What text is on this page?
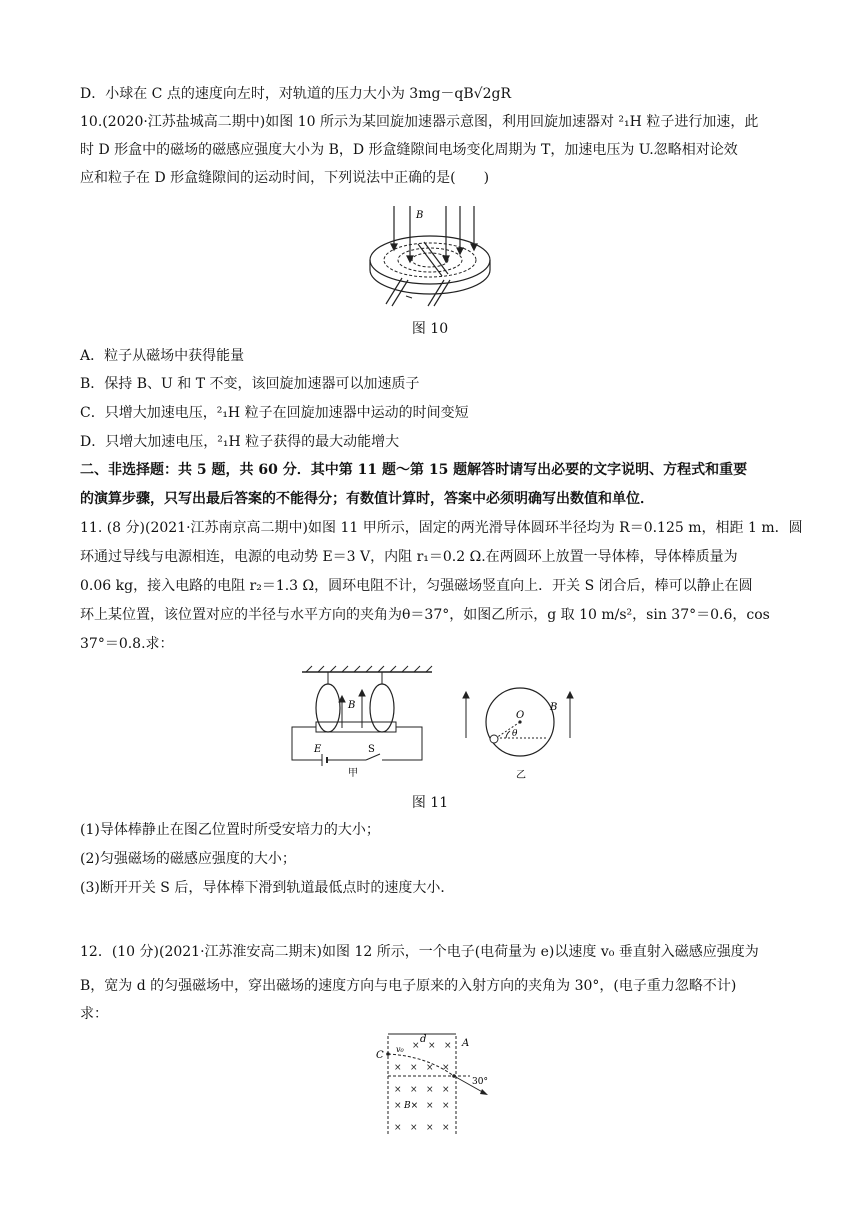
D．小球在 C 点的速度向左时，对轨道的压力大小为 3mg－qB√2gR
10.(2020·江苏盐城高二期中)如图 10 所示为某回旋加速器示意图，利用回旋加速器对 ²₁H 粒子进行加速，此
时 D 形盒中的磁场的磁感应强度大小为 B，D 形盒缝隙间电场变化周期为 T，加速电压为 U.忽略相对论效
应和粒子在 D 形盒缝隙间的运动时间，下列说法中正确的是(　　)
B
图 10
A．粒子从磁场中获得能量
B．保持 B、U 和 T 不变，该回旋加速器可以加速质子
C．只增大加速电压，²₁H 粒子在回旋加速器中运动的时间变短
D．只增大加速电压，²₁H 粒子获得的最大动能增大
二、非选择题：共 5 题，共 60 分．其中第 11 题～第 15 题解答时请写出必要的文字说明、方程式和重要
的演算步骤，只写出最后答案的不能得分；有数值计算时，答案中必须明确写出数值和单位．
11. (8 分)(2021·江苏南京高二期中)如图 11 甲所示，固定的两光滑导体圆环半径均为 R＝0.125 m，相距 1 m．圆
环通过导线与电源相连，电源的电动势 E＝3 V，内阻 r₁＝0.2 Ω.在两圆环上放置一导体棒，导体棒质量为
0.06 kg，接入电路的电阻 r₂＝1.3 Ω，圆环电阻不计，匀强磁场竖直向上．开关 S 闭合后，棒可以静止在圆
环上某位置，该位置对应的半径与水平方向的夹角为θ＝37°，如图乙所示，g 取 10 m/s²，sin 37°＝0.6，cos
37°＝0.8.求：
B
E	S
甲
O
θ
B
乙
图 11
(1)导体棒静止在图乙位置时所受安培力的大小；
(2)匀强磁场的磁感应强度的大小；
(3)断开开关 S 后，导体棒下滑到轨道最低点时的速度大小．
12．(10 分)(2021·江苏淮安高二期末)如图 12 所示，一个电子(电荷量为 e)以速度 v₀ 垂直射入磁感应强度为
B，宽为 d 的匀强磁场中，穿出磁场的速度方向与电子原来的入射方向的夹角为 30°，(电子重力忽略不计)
求：
d
C
A
v₀
30°
× × ×
× × × ×
× × × ×
×	× ×
× × × ×
B×
